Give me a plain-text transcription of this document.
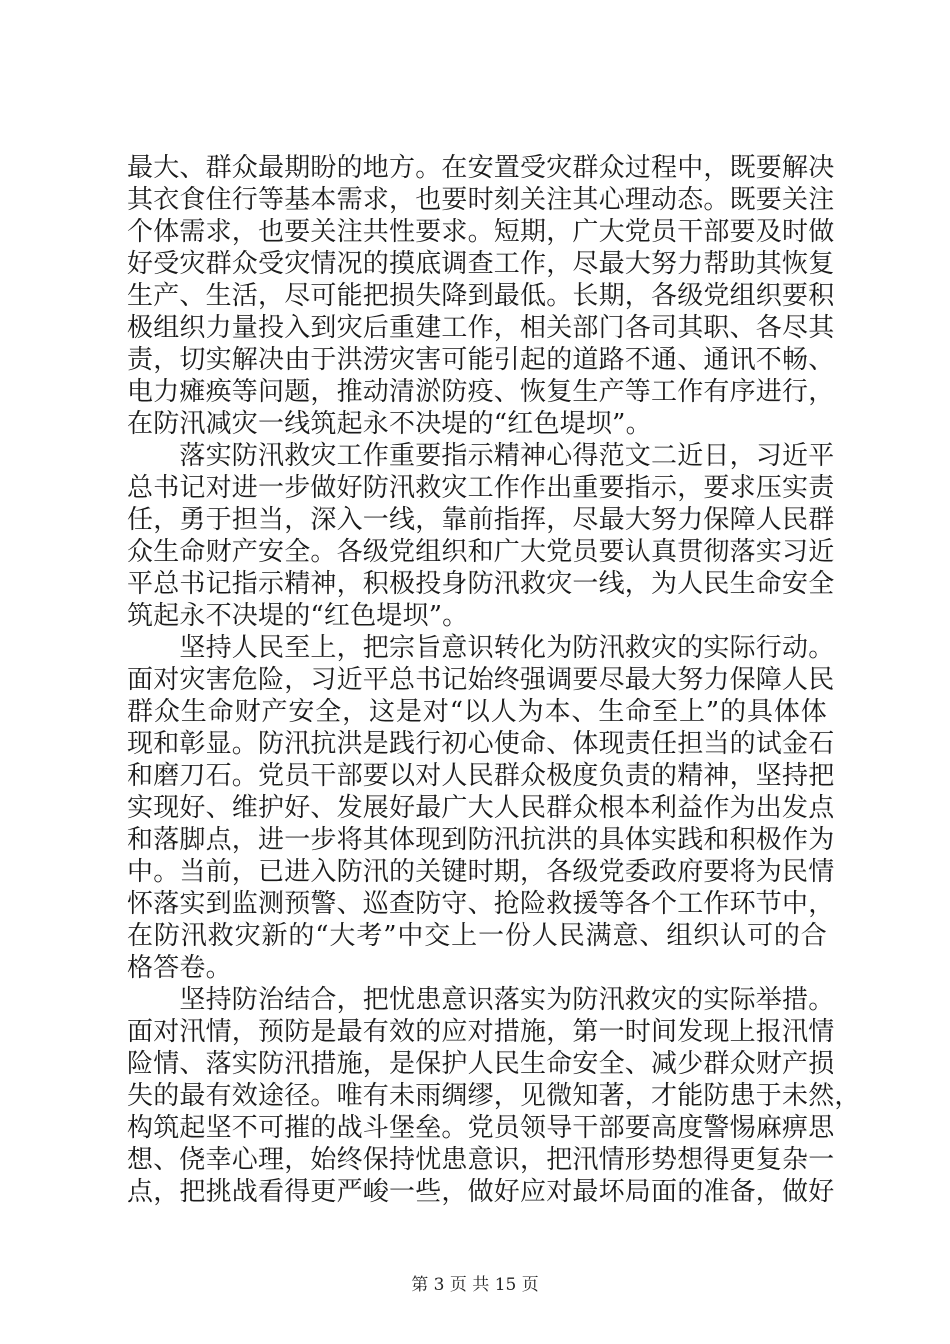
最大、群众最期盼的地方。在安置受灾群众过程中，既要解决
其衣食住行等基本需求，也要时刻关注其心理动态。既要关注
个体需求，也要关注共性要求。短期，广大党员干部要及时做
好受灾群众受灾情况的摸底调查工作，尽最大努力帮助其恢复
生产、生活，尽可能把损失降到最低。长期，各级党组织要积
极组织力量投入到灾后重建工作，相关部门各司其职、各尽其
责，切实解决由于洪涝灾害可能引起的道路不通、通讯不畅、
电力瘫痪等问题，推动清淤防疫、恢复生产等工作有序进行，
在防汛减灾一线筑起永不决堤的“红色堤坝”。
　　落实防汛救灾工作重要指示精神心得范文二近日，习近平
总书记对进一步做好防汛救灾工作作出重要指示，要求压实责
任，勇于担当，深入一线，靠前指挥，尽最大努力保障人民群
众生命财产安全。各级党组织和广大党员要认真贯彻落实习近
平总书记指示精神，积极投身防汛救灾一线，为人民生命安全
筑起永不决堤的“红色堤坝”。
　　坚持人民至上，把宗旨意识转化为防汛救灾的实际行动。
面对灾害危险，习近平总书记始终强调要尽最大努力保障人民
群众生命财产安全，这是对“以人为本、生命至上”的具体体
现和彰显。防汛抗洪是践行初心使命、体现责任担当的试金石
和磨刀石。党员干部要以对人民群众极度负责的精神，坚持把
实现好、维护好、发展好最广大人民群众根本利益作为出发点
和落脚点，进一步将其体现到防汛抗洪的具体实践和积极作为
中。当前，已进入防汛的关键时期，各级党委政府要将为民情
怀落实到监测预警、巡查防守、抢险救援等各个工作环节中，
在防汛救灾新的“大考”中交上一份人民满意、组织认可的合
格答卷。
　　坚持防治结合，把忧患意识落实为防汛救灾的实际举措。
面对汛情，预防是最有效的应对措施，第一时间发现上报汛情
险情、落实防汛措施，是保护人民生命安全、减少群众财产损
失的最有效途径。唯有未雨绸缪，见微知著，才能防患于未然，
构筑起坚不可摧的战斗堡垒。党员领导干部要高度警惕麻痹思
想、侥幸心理，始终保持忧患意识，把汛情形势想得更复杂一
点，把挑战看得更严峻一些，做好应对最坏局面的准备，做好
第 3 页 共 15 页
